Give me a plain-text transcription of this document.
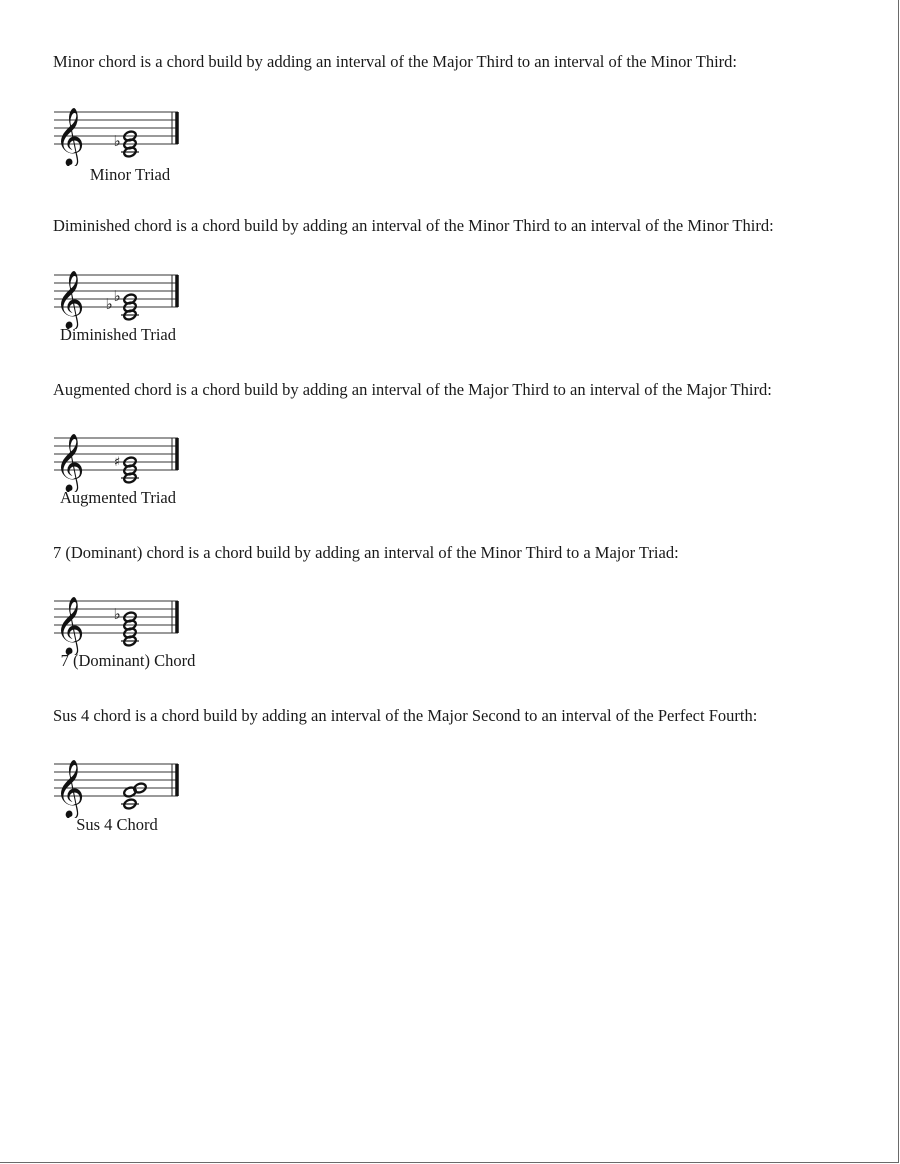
Minor chord is a chord build by adding an interval of the Major Third to an interval of the Minor Third:
𝄞 ♭
Minor Triad
Diminished chord is a chord build by adding an interval of the Minor Third to an interval of the Minor Third:
𝄞 ♭ ♭
Diminished Triad
Augmented chord is a chord build by adding an interval of the Major Third to an interval of the Major Third:
𝄞 ♯
Augmented Triad
7 (Dominant) chord is a chord build by adding an interval of the Minor Third to a Major Triad:
𝄞 ♭
7 (Dominant) Chord
Sus 4 chord is a chord build by adding an interval of the Major Second to an interval of the Perfect Fourth:
𝄞
Sus 4 Chord
